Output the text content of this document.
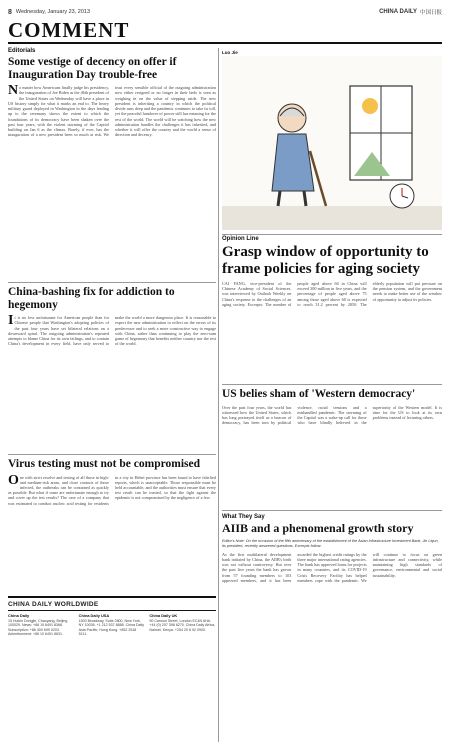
8 Wednesday, January 23, 2013	CHINA DAILY 中国日报
COMMENT
Editorials
Some vestige of decency on offer if Inauguration Day trouble-free
No matter how Americans finally judge his presidency, the inauguration of Joe Biden as the 46th president of the United States on Wednesday will have a place in US history simply for what it marks an end to. The heavy military guard deployed in Washington in the days leading up to the ceremony shows the extent to which the foundations of its democracy have been shaken over the past four years, with the violent storming of the Capitol building on Jan 6 as the climax. Barely, if ever, has the inauguration of a new president been so much at risk. We trust every sensible official of the outgoing administration now either resigned or no longer in their beds is seen as weighing in on the value of stepping aside. The new president is inheriting a country in which the political divide runs deep and the pandemic continues to take its toll, yet the peaceful handover of power still has meaning for the rest of the world. The world will be watching how the new administration handles the challenges it has inherited, and whether it will offer the country and the world a sense of direction and decency.
China-bashing fix for addiction to hegemony
It is no less unfortunate for American people than for Chinese people that Washington's adopting policies of the past four years have set bilateral relations on a downward spiral. The outgoing administration's repeated attempts to blame China for its own failings, and to contain China's development in every field, have only served to make the world a more dangerous place. It is reasonable to expect the new administration to reflect on the errors of its predecessor and to seek a more constructive way to engage with China, rather than continuing to play the zero-sum game of hegemony that benefits neither country nor the rest of the world.
Virus testing must not be compromised
One with strict resolve and testing of all those in high- and medium-risk areas, and close contacts of those infected, the outbreaks can be contained as quickly as possible. But what if some are unfortunate enough to try and cover up the test results? The case of a company that was estimated to conduct nucleic acid testing for residents in a city in Hebei province has been found to have falsified reports, which is unacceptable. Those responsible must be held accountable, and the authorities must ensure that every test result can be trusted, so that the fight against the epidemic is not compromised by the negligence of a few.
CHINA DAILY WORLDWIDE
China Daily
15 Huixin Dongjie, Chaoyang, Beijing 100029. News: +86 10 6491 8366. Subscription: +86 400 699 0203. Advertisement: +86 10 6491 8631.
China Daily USA
1500 Broadway, Suite 2800, New York, NY 10036. +1 212 537 8888. China Daily Asia Pacific, Hong Kong. +852 2518 5111.
China Daily UK
90 Cannon Street, London EC4N 6HA. +44 (0) 207 398 8270. China Daily Africa, Nairobi, Kenya. +254 20 6 92 0900.
Luo Jie
Opinion Line
Grasp window of opportunity to frame policies for aging society
CAI FANG, vice-president of the Chinese Academy of Social Sciences, was interviewed by Outlook Weekly on China's response to the challenges of an aging society. Excerpts: The number of people aged above 60 in China will exceed 300 million in five years, and the percentage of people aged above 75 among those aged above 60 is expected to reach 31.2 percent by 2050. The elderly population will put pressure on the pension system, and the government needs to make better use of the window of opportunity to adjust its policies.
US belies sham of 'Western democracy'
Over the past four years, the world has witnessed how the United States, which has long portrayed itself as a beacon of democracy, has been torn by political violence, racial tensions and a mishandled pandemic. The storming of the Capitol was a wake-up call for those who have blindly believed in the superiority of the Western model. It is time for the US to look at its own problems instead of lecturing others.
What They Say
AIIB and a phenomenal growth story
Editor's Note: On the occasion of the fifth anniversary of the establishment of the Asian Infrastructure Investment Bank, Jin Liqun, its president, recently answered questions. Excerpts follow:
As the first multilateral development bank initiated by China, the AIIB's birth was not without controversy. But over the past five years the bank has grown from 57 founding members to 103 approved members, and it has been awarded the highest credit ratings by the three major international rating agencies. The bank has approved loans for projects in many countries, and its COVID-19 Crisis Recovery Facility has helped members cope with the pandemic. We will continue to focus on green infrastructure and connectivity, while maintaining high standards of governance, environmental and social sustainability.
